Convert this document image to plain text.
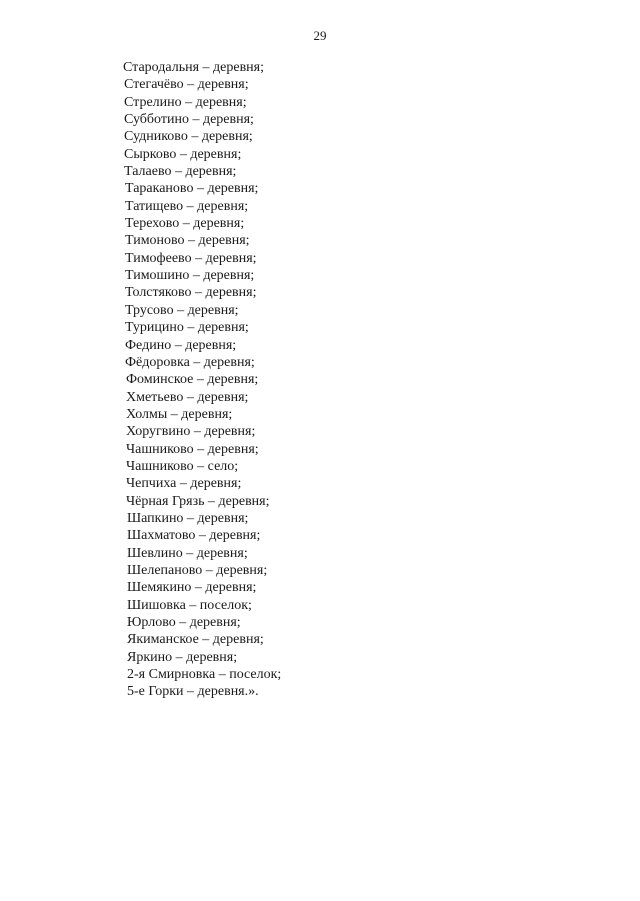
29
Стародальня – деревня;
Стегачёво – деревня;
Стрелино – деревня;
Субботино – деревня;
Судниково – деревня;
Сырково – деревня;
Талаево – деревня;
Тараканово – деревня;
Татищево – деревня;
Терехово – деревня;
Тимоново – деревня;
Тимофеево – деревня;
Тимошино – деревня;
Толстяково – деревня;
Трусово – деревня;
Турицино – деревня;
Федино – деревня;
Фёдоровка – деревня;
Фоминское – деревня;
Хметьево – деревня;
Холмы – деревня;
Хоругвино – деревня;
Чашниково – деревня;
Чашниково – село;
Чепчиха – деревня;
Чёрная Грязь – деревня;
Шапкино – деревня;
Шахматово – деревня;
Шевлино – деревня;
Шелепаново – деревня;
Шемякино – деревня;
Шишовка – поселок;
Юрлово – деревня;
Якиманское – деревня;
Яркино – деревня;
2-я Смирновка – поселок;
5-е Горки – деревня.».
